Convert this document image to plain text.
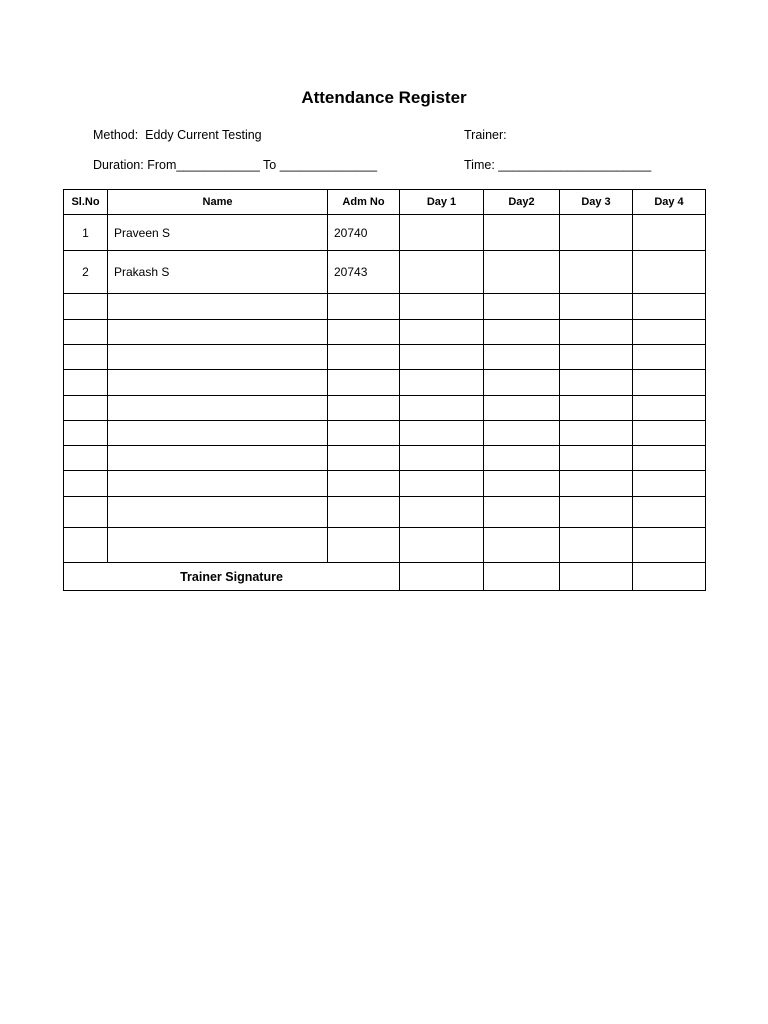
Attendance Register
Method: Eddy Current Testing	Trainer:
Duration: From____________ To ______________	Time: ______________________
Sl.No	Name	Adm No	Day 1	Day2	Day 3	Day 4
1	Praveen S	20740				
2	Prakash S	20743				

Trainer Signature						
